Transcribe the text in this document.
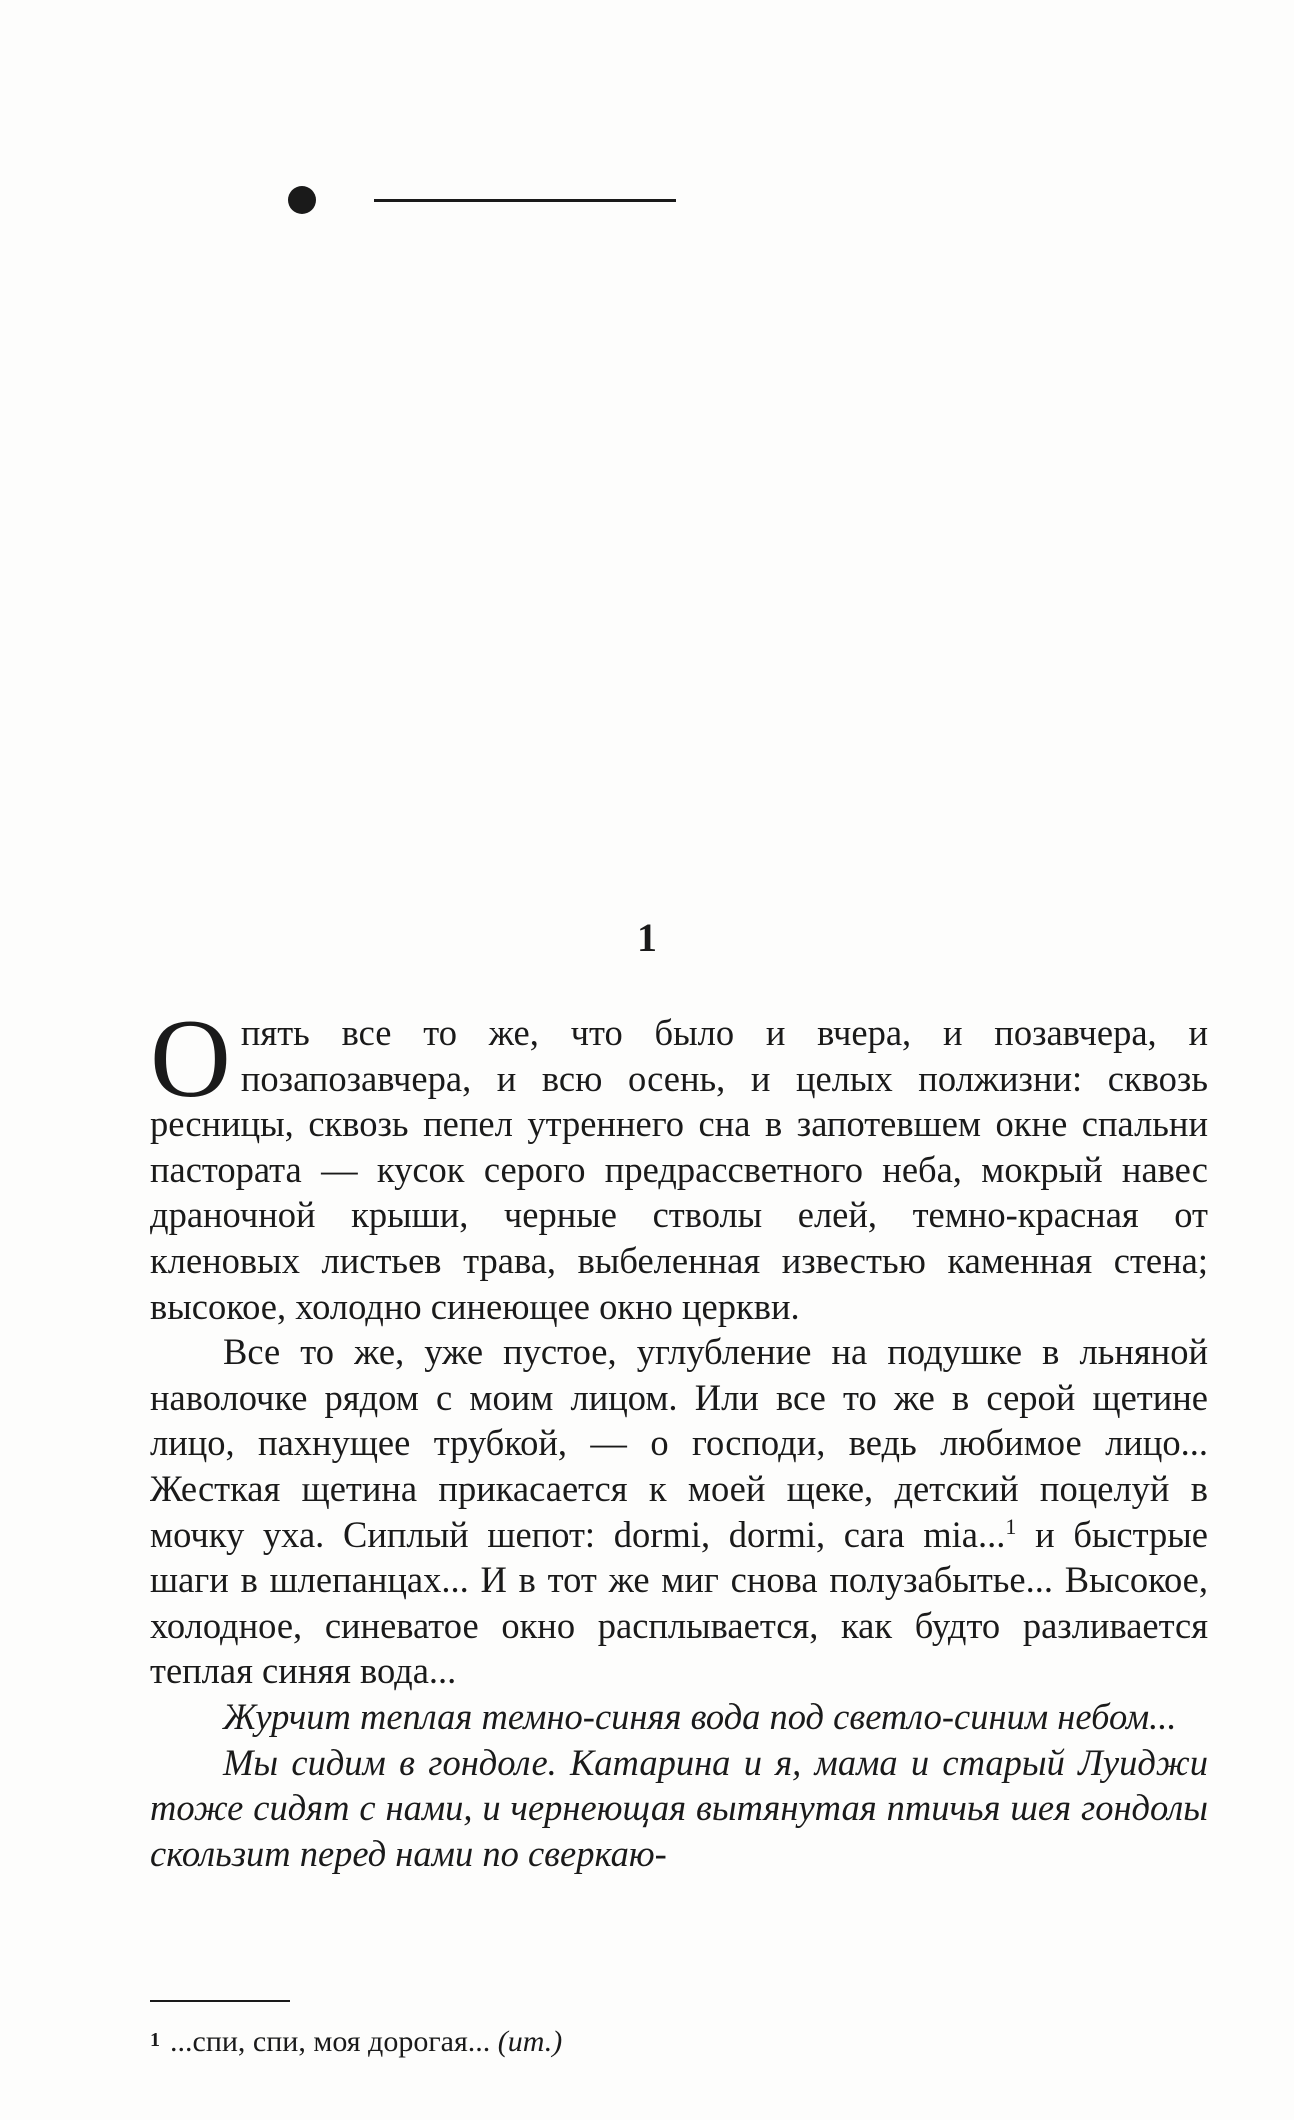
1

Опять все то же, что было и вчера, и позавчера, и позапозавчера, и всю осень, и целых полжизни: сквозь ресницы, сквозь пепел утреннего сна в запотевшем окне спальни пастората — кусок серого предрассветного неба, мокрый навес драночной крыши, черные стволы елей, темно-красная от кленовых листьев трава, выбеленная известью каменная стена; высокое, холодно синеющее окно церкви.

Все то же, уже пустое, углубление на подушке в льняной наволочке рядом с моим лицом. Или все то же в серой щетине лицо, пахнущее трубкой, — о господи, ведь любимое лицо... Жесткая щетина прикасается к моей щеке, детский поцелуй в мочку уха. Сиплый шепот: dormi, dormi, cara mia...$^1$ и быстрые шаги в шлепанцах... И в тот же миг снова полузабытье... Высокое, холодное, синеватое окно расплывается, как будто разливается теплая синяя вода...

Журчит теплая темно-синяя вода под светло-синим небом...

Мы сидим в гондоле. Катарина и я, мама и старый Луиджи тоже сидят с нами, и чернеющая вытянутая птичья шея гондолы скользит перед нами по сверкаю-

$^1$ ...спи, спи, моя дорогая... (ит.)
